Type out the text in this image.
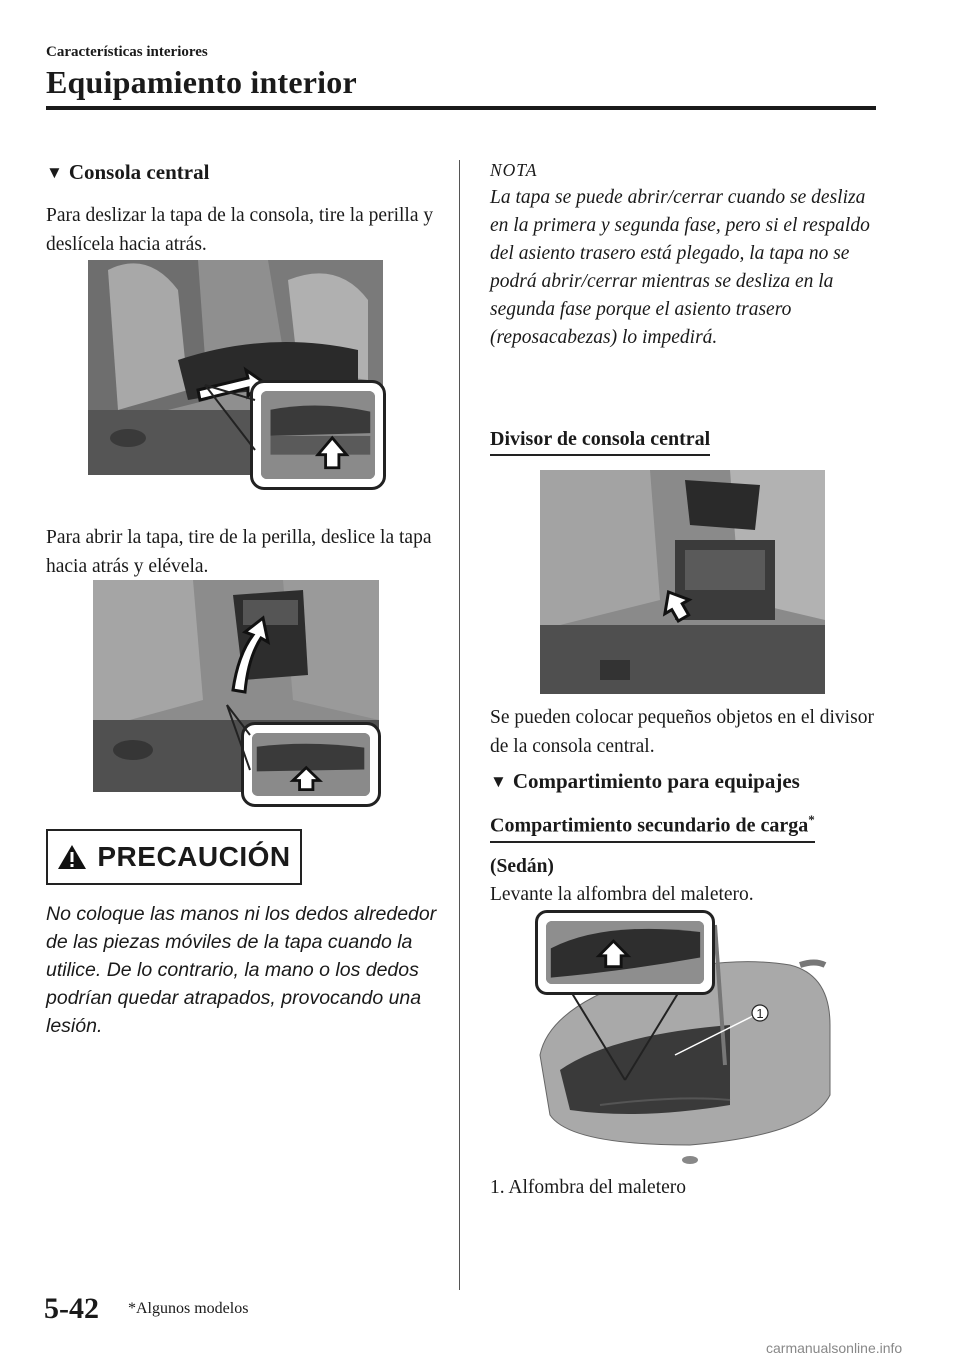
Características interiores
Equipamiento interior
▼ Consola central
Para deslizar la tapa de la consola, tire la perilla y deslícela hacia atrás.
Para abrir la tapa, tire de la perilla, deslice la tapa hacia atrás y elévela.
PRECAUCIÓN
No coloque las manos ni los dedos alrededor de las piezas móviles de la tapa cuando la utilice. De lo contrario, la mano o los dedos podrían quedar atrapados, provocando una lesión.
NOTA
La tapa se puede abrir/cerrar cuando se desliza en la primera y segunda fase, pero si el respaldo del asiento trasero está plegado, la tapa no se podrá abrir/cerrar mientras se desliza en la segunda fase porque el asiento trasero (reposacabezas) lo impedirá.
Divisor de consola central
Se pueden colocar pequeños objetos en el divisor de la consola central.
▼ Compartimiento para equipajes
Compartimiento secundario de carga*
(Sedán)
Levante la alfombra del maletero.
1
1. Alfombra del maletero
5-42 *Algunos modelos
carmanualsonline.info
